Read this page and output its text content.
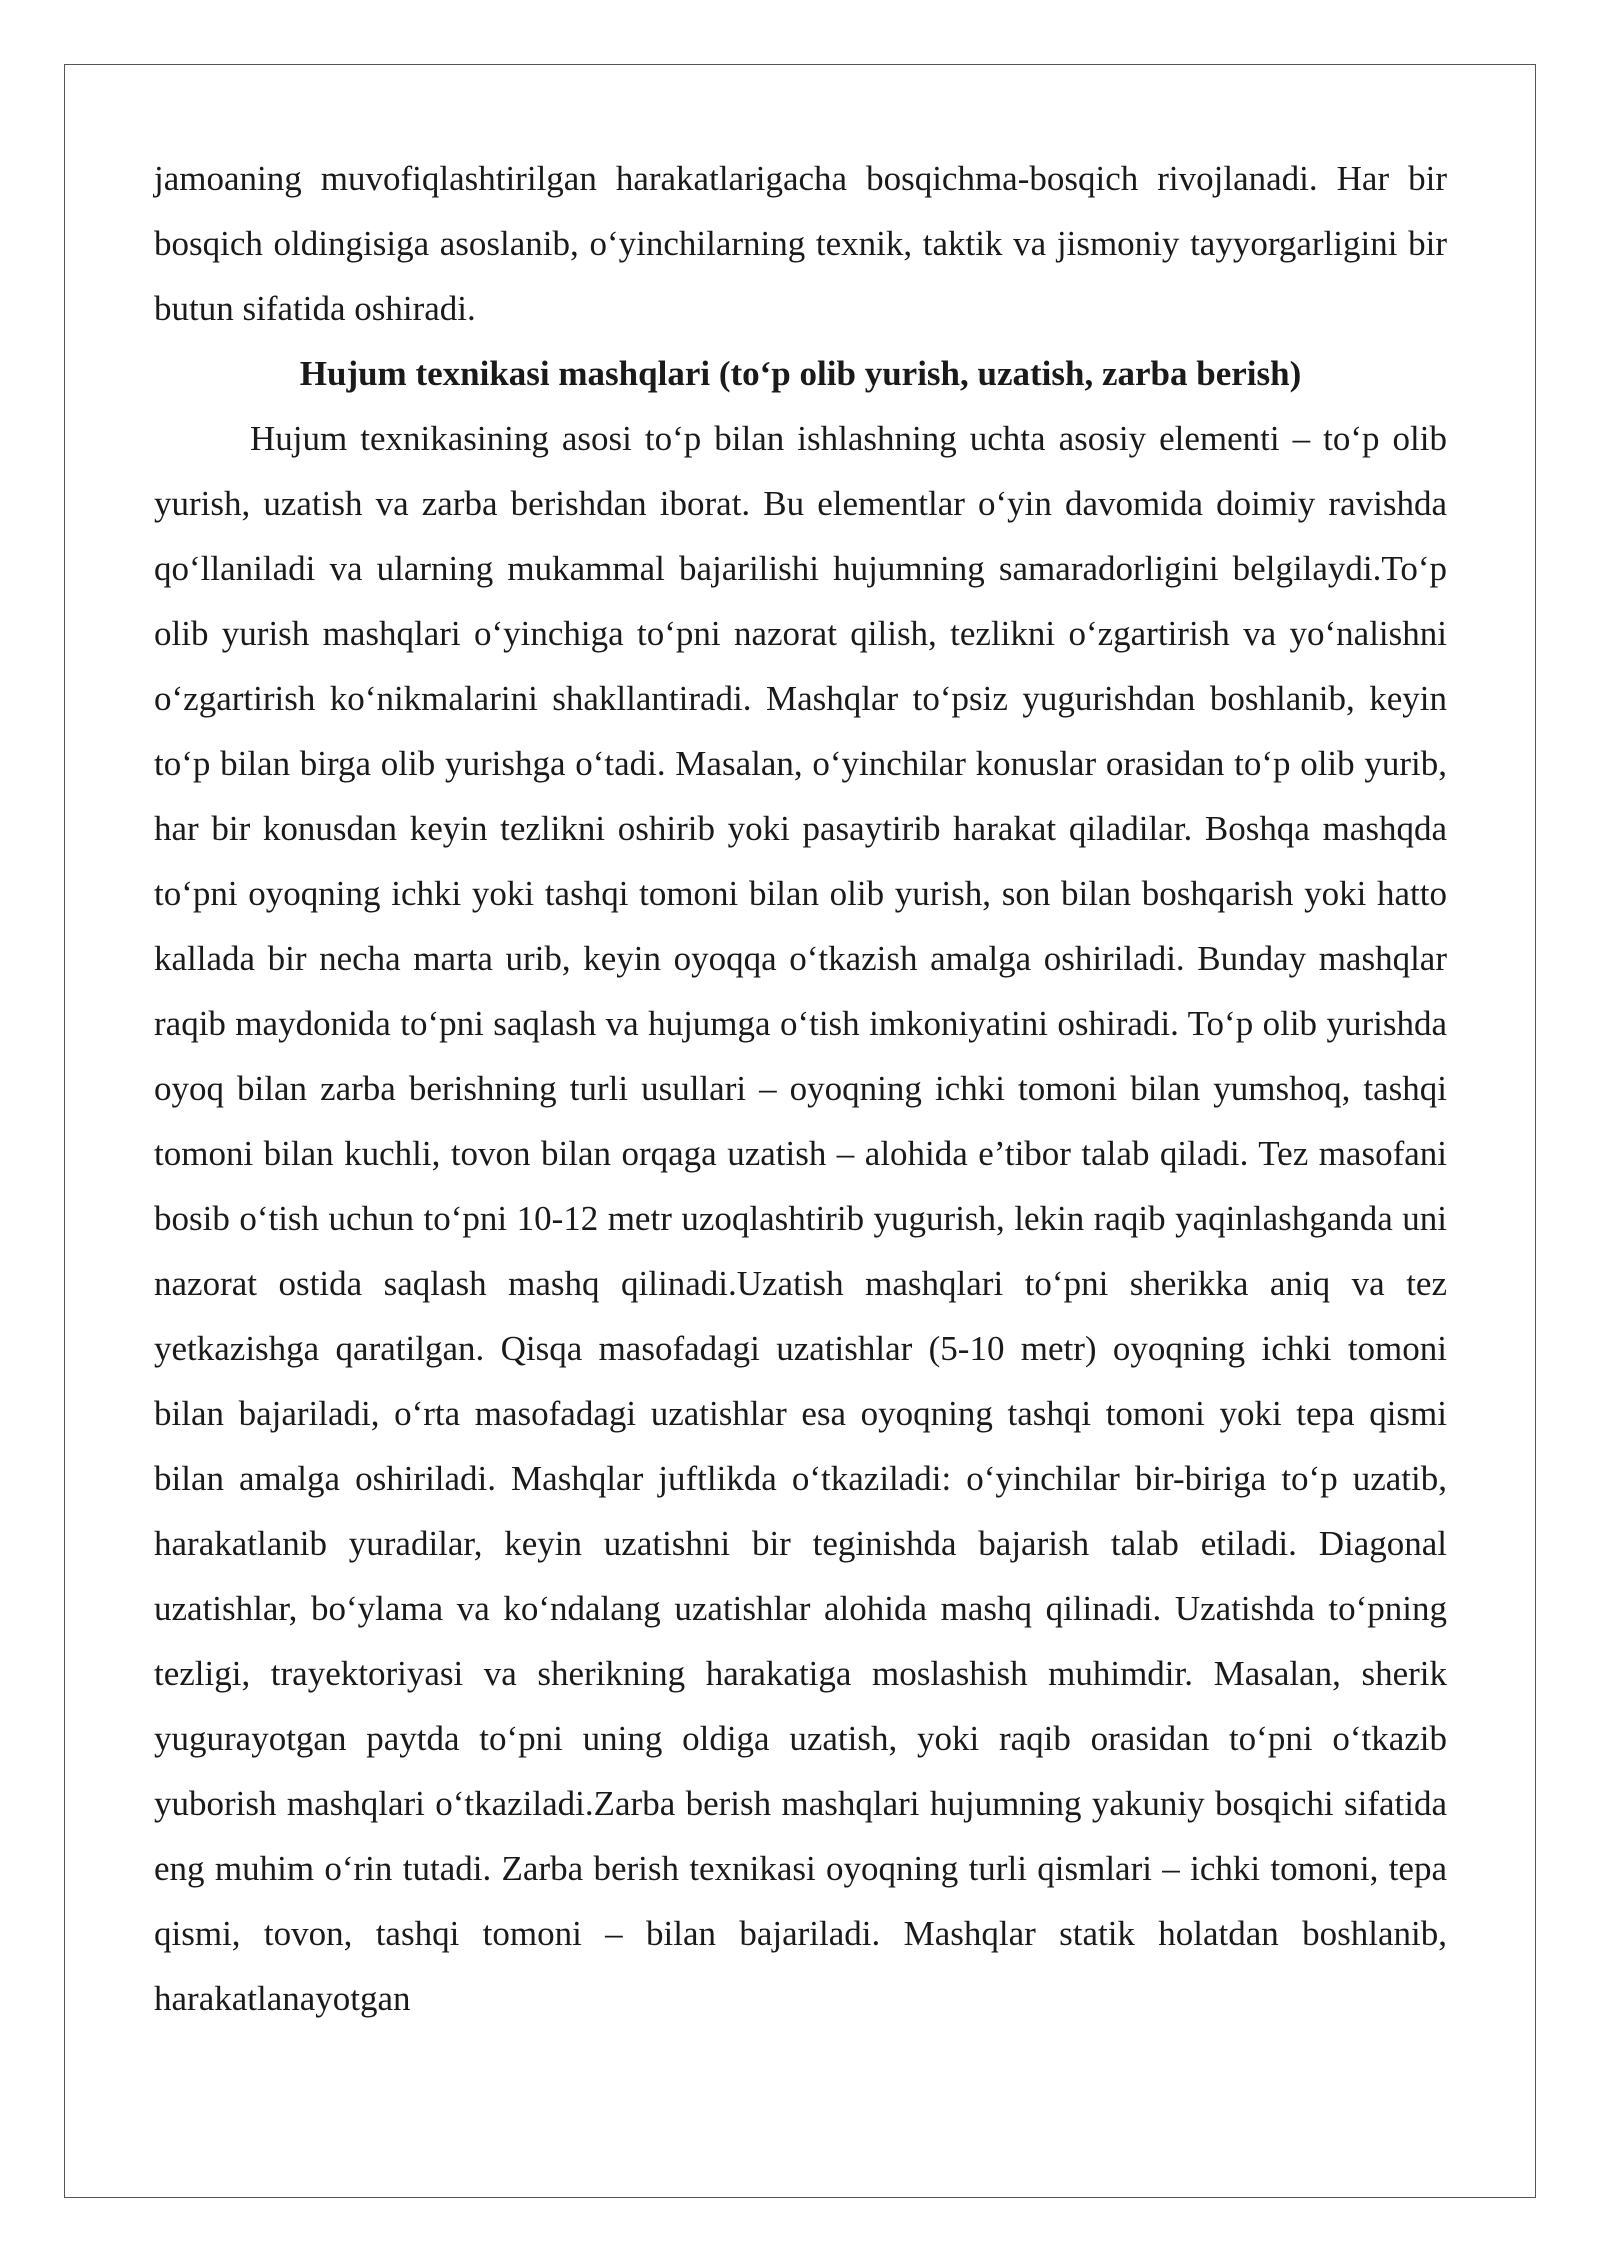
jamoaning muvofiqlashtirilgan harakatlarigacha bosqichma-bosqich rivojlanadi. Har bir bosqich oldingisiga asoslanib, o‘yinchilarning texnik, taktik va jismoniy tayyorgarligini bir butun sifatida oshiradi.

Hujum texnikasi mashqlari (to‘p olib yurish, uzatish, zarba berish)

Hujum texnikasining asosi to‘p bilan ishlashning uchta asosiy elementi – to‘p olib yurish, uzatish va zarba berishdan iborat. Bu elementlar o‘yin davomida doimiy ravishda qo‘llaniladi va ularning mukammal bajarilishi hujumning samaradorligini belgilaydi.To‘p olib yurish mashqlari o‘yinchiga to‘pni nazorat qilish, tezlikni o‘zgartirish va yo‘nalishni o‘zgartirish ko‘nikmalarini shakllantiradi. Mashqlar to‘psiz yugurishdan boshlanib, keyin to‘p bilan birga olib yurishga o‘tadi. Masalan, o‘yinchilar konuslar orasidan to‘p olib yurib, har bir konusdan keyin tezlikni oshirib yoki pasaytirib harakat qiladilar. Boshqa mashqda to‘pni oyoqning ichki yoki tashqi tomoni bilan olib yurish, son bilan boshqarish yoki hatto kallada bir necha marta urib, keyin oyoqqa o‘tkazish amalga oshiriladi. Bunday mashqlar raqib maydonida to‘pni saqlash va hujumga o‘tish imkoniyatini oshiradi. To‘p olib yurishda oyoq bilan zarba berishning turli usullari – oyoqning ichki tomoni bilan yumshoq, tashqi tomoni bilan kuchli, tovon bilan orqaga uzatish – alohida e’tibor talab qiladi. Tez masofani bosib o‘tish uchun to‘pni 10-12 metr uzoqlashtirib yugurish, lekin raqib yaqinlashganda uni nazorat ostida saqlash mashq qilinadi.Uzatish mashqlari to‘pni sherikka aniq va tez yetkazishga qaratilgan. Qisqa masofadagi uzatishlar (5-10 metr) oyoqning ichki tomoni bilan bajariladi, o‘rta masofadagi uzatishlar esa oyoqning tashqi tomoni yoki tepa qismi bilan amalga oshiriladi. Mashqlar juftlikda o‘tkaziladi: o‘yinchilar bir-biriga to‘p uzatib, harakatlanib yuradilar, keyin uzatishni bir teginishda bajarish talab etiladi. Diagonal uzatishlar, bo‘ylama va ko‘ndalang uzatishlar alohida mashq qilinadi. Uzatishda to‘pning tezligi, trayektoriyasi va sherikning harakatiga moslashish muhimdir. Masalan, sherik yugurayotgan paytda to‘pni uning oldiga uzatish, yoki raqib orasidan to‘pni o‘tkazib yuborish mashqlari o‘tkaziladi.Zarba berish mashqlari hujumning yakuniy bosqichi sifatida eng muhim o‘rin tutadi. Zarba berish texnikasi oyoqning turli qismlari – ichki tomoni, tepa qismi, tovon, tashqi tomoni – bilan bajariladi. Mashqlar statik holatdan boshlanib, harakatlanayotgan
